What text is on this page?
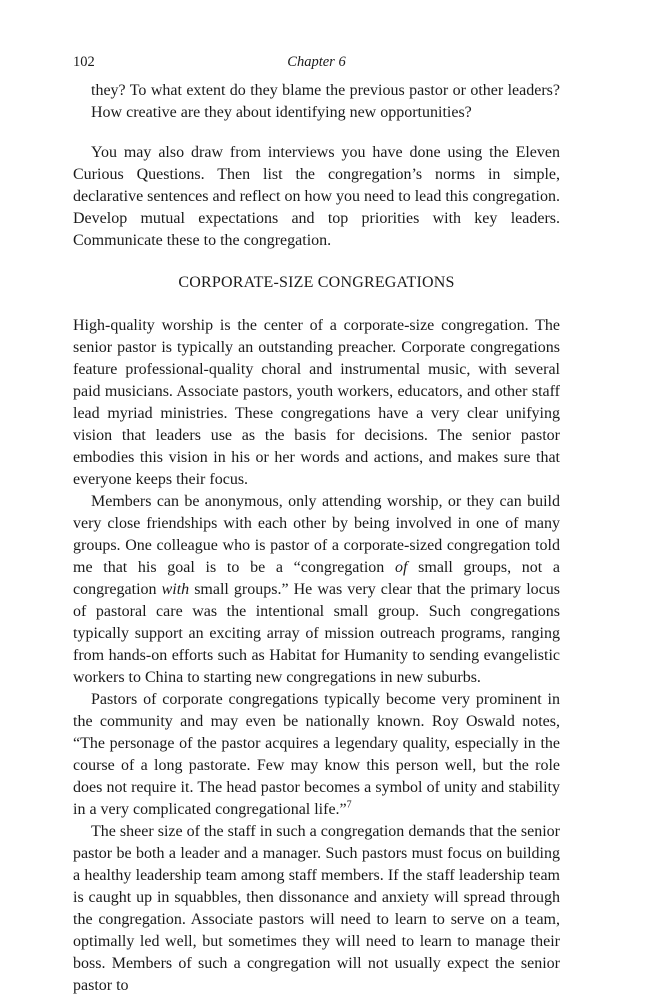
102	Chapter 6

they? To what extent do they blame the previous pastor or other leaders? How creative are they about identifying new opportunities?

You may also draw from interviews you have done using the Eleven Curious Questions. Then list the congregation’s norms in simple, declarative sentences and reflect on how you need to lead this congregation. Develop mutual expectations and top priorities with key leaders. Communicate these to the congregation.

CORPORATE-SIZE CONGREGATIONS

High-quality worship is the center of a corporate-size congregation. The senior pastor is typically an outstanding preacher. Corporate congregations feature professional-quality choral and instrumental music, with several paid musicians. Associate pastors, youth workers, educators, and other staff lead myriad ministries. These congregations have a very clear unifying vision that leaders use as the basis for decisions. The senior pastor embodies this vision in his or her words and actions, and makes sure that everyone keeps their focus.

Members can be anonymous, only attending worship, or they can build very close friendships with each other by being involved in one of many groups. One colleague who is pastor of a corporate-sized congregation told me that his goal is to be a “congregation of small groups, not a congregation with small groups.” He was very clear that the primary locus of pastoral care was the intentional small group. Such congregations typically support an exciting array of mission outreach programs, ranging from hands-on efforts such as Habitat for Humanity to sending evangelistic workers to China to starting new congregations in new suburbs.

Pastors of corporate congregations typically become very prominent in the community and may even be nationally known. Roy Oswald notes, “The personage of the pastor acquires a legendary quality, especially in the course of a long pastorate. Few may know this person well, but the role does not require it. The head pastor becomes a symbol of unity and stability in a very complicated congregational life.”$^7$

The sheer size of the staff in such a congregation demands that the senior pastor be both a leader and a manager. Such pastors must focus on building a healthy leadership team among staff members. If the staff leadership team is caught up in squabbles, then dissonance and anxiety will spread through the congregation. Associate pastors will need to learn to serve on a team, optimally led well, but sometimes they will need to learn to manage their boss. Members of such a congregation will not usually expect the senior pastor to
